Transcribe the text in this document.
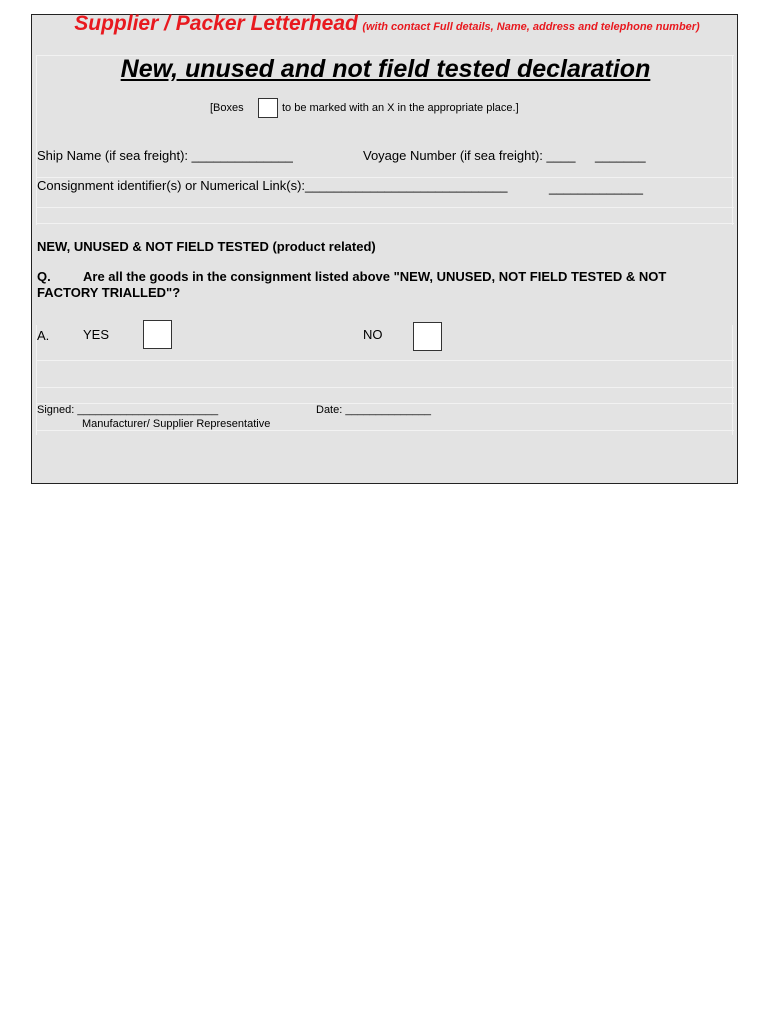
Supplier / Packer Letterhead (with contact Full details, Name, address and telephone number)
New, unused and not field tested declaration
[Boxes	to be marked with an X in the appropriate place.]
Ship Name (if sea freight): ______________	Voyage Number (if sea freight): ____ _______
Consignment identifier(s) or Numerical Link(s):____________________________	_____________
NEW, UNUSED & NOT FIELD TESTED (product related)
Q. Are all the goods in the consignment listed above "NEW, UNUSED, NOT FIELD TESTED & NOT
FACTORY TRIALLED"?
A.	YES	NO
Signed: _______________________	Date: ______________
Manufacturer/ Supplier Representative
